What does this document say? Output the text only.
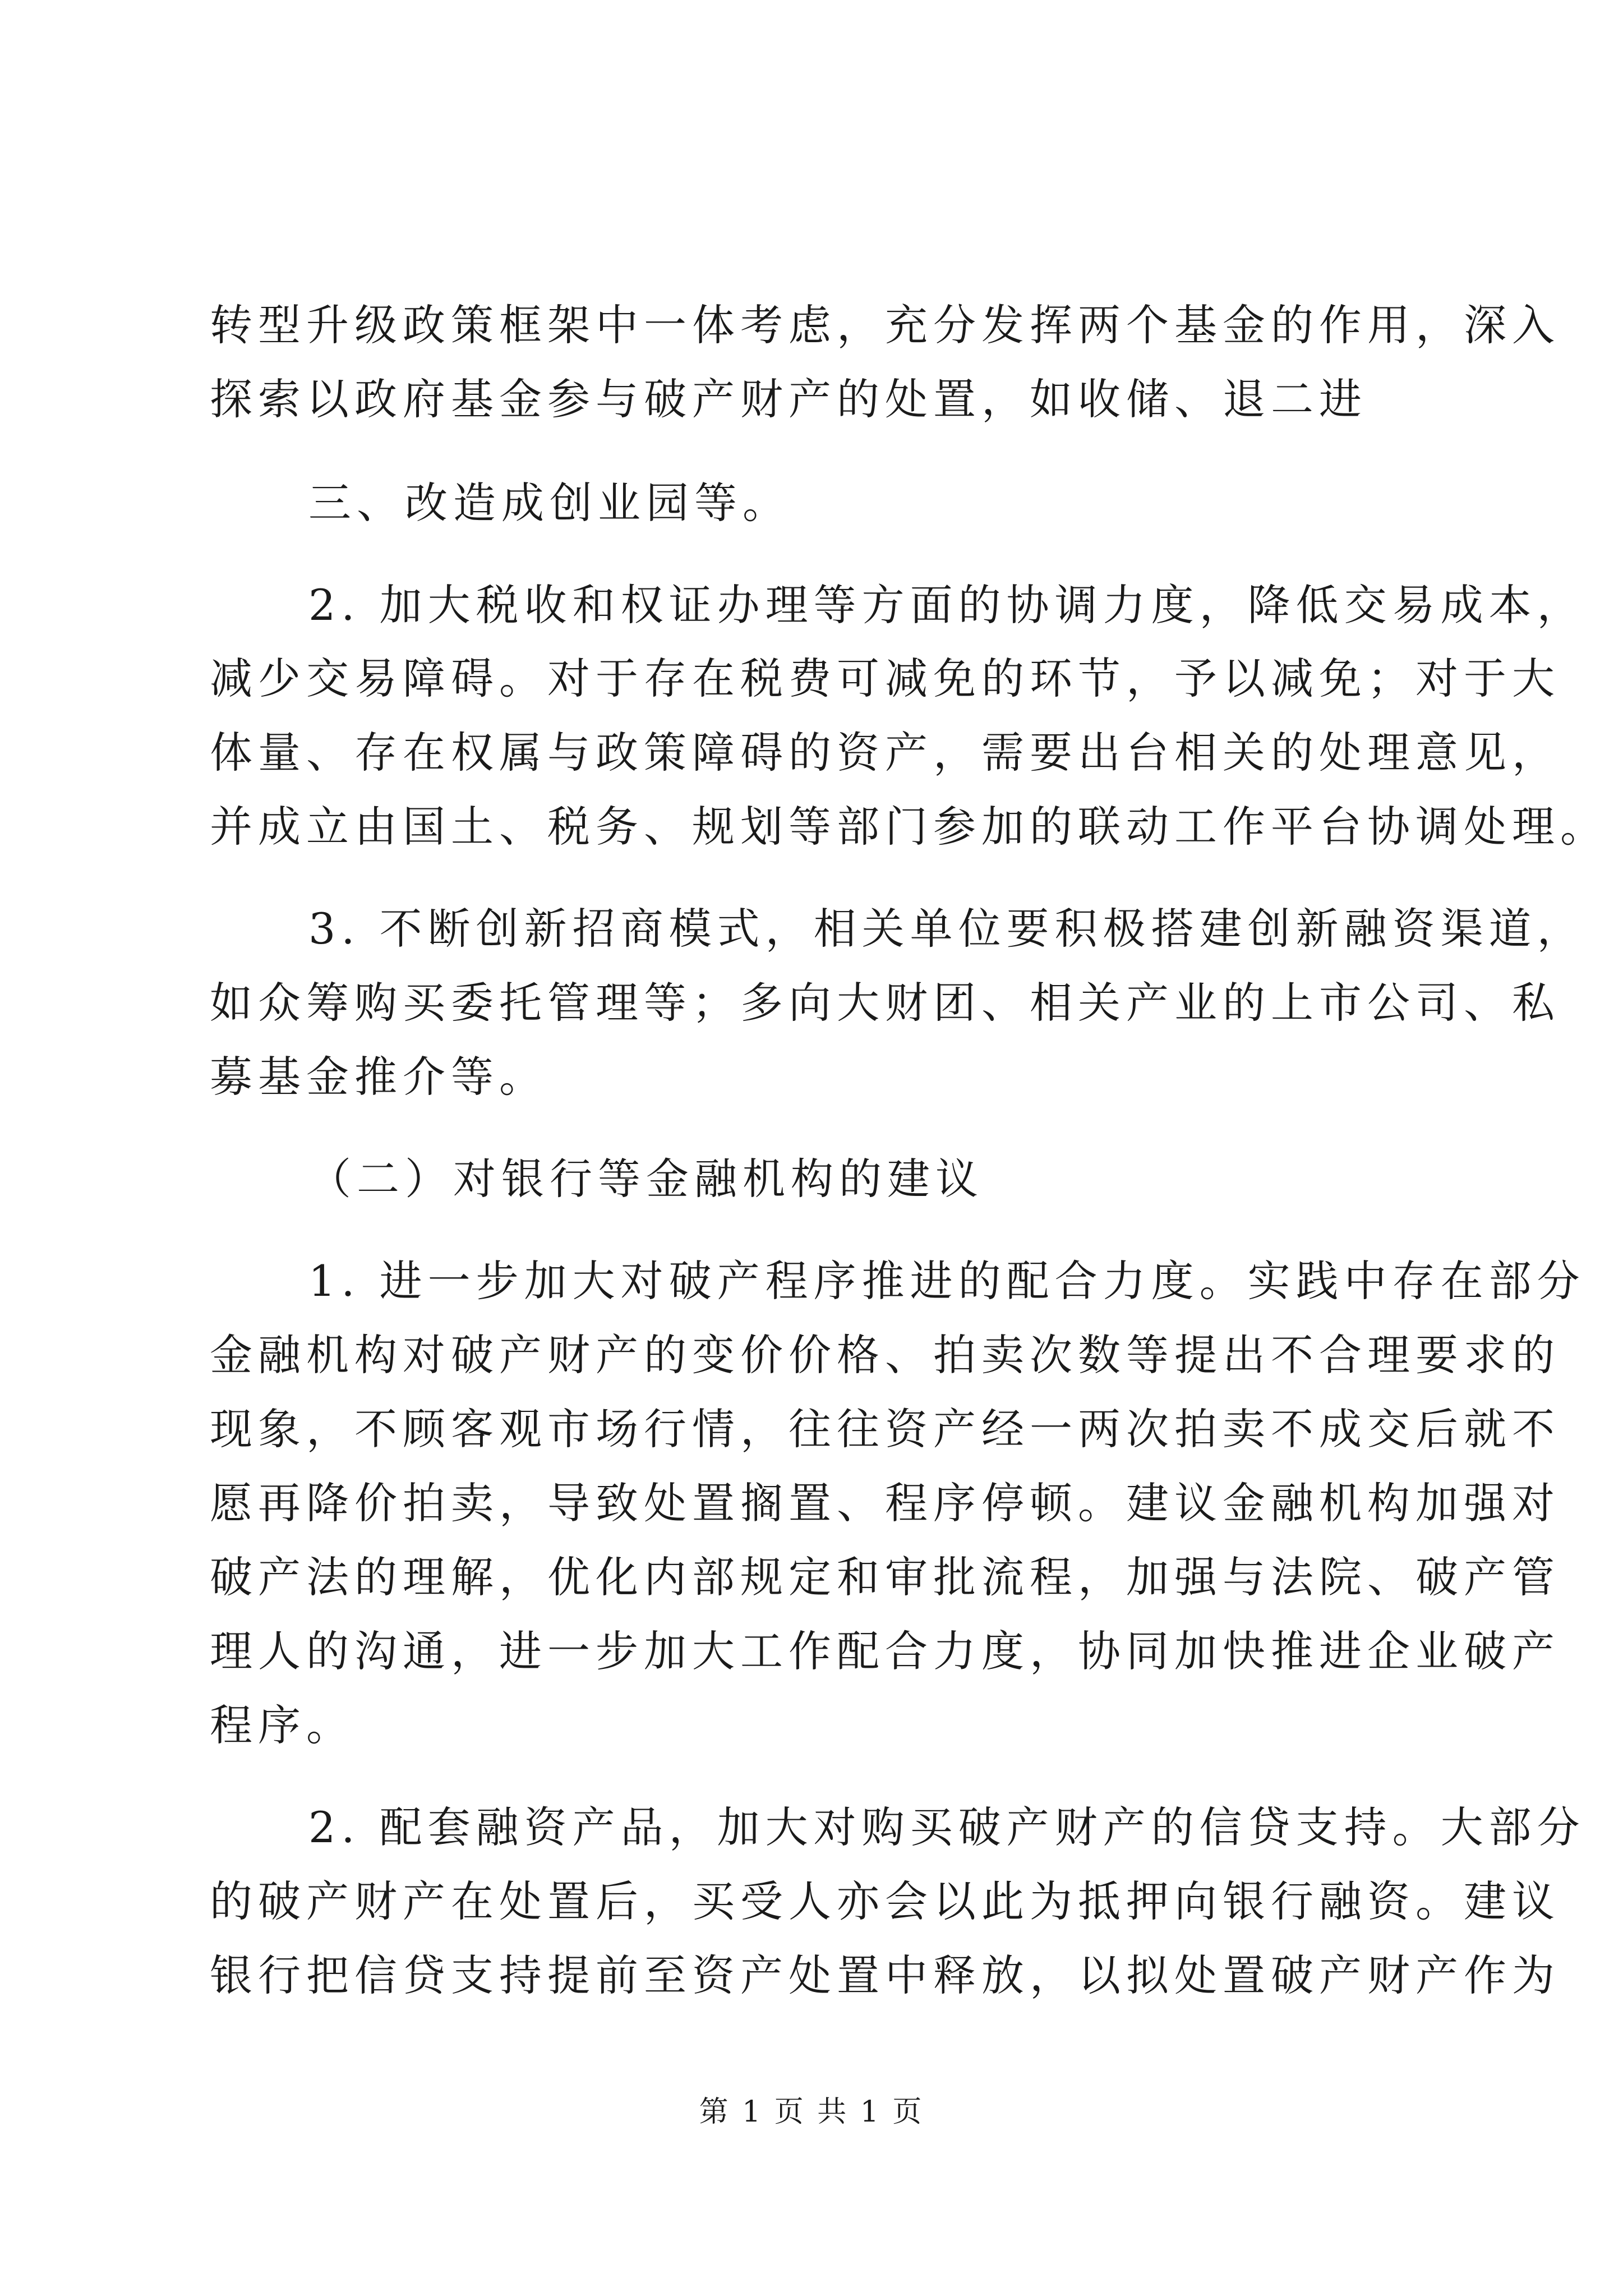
转型升级政策框架中一体考虑，充分发挥两个基金的作用，深入
探索以政府基金参与破产财产的处置，如收储、退二进
三、改造成创业园等。
2. 加大税收和权证办理等方面的协调力度，降低交易成本，
减少交易障碍。对于存在税费可减免的环节，予以减免；对于大
体量、存在权属与政策障碍的资产，需要出台相关的处理意见，
并成立由国土、税务、规划等部门参加的联动工作平台协调处理。
3. 不断创新招商模式，相关单位要积极搭建创新融资渠道，
如众筹购买委托管理等；多向大财团、相关产业的上市公司、私
募基金推介等。
（二）对银行等金融机构的建议
1. 进一步加大对破产程序推进的配合力度。实践中存在部分
金融机构对破产财产的变价价格、拍卖次数等提出不合理要求的
现象，不顾客观市场行情，往往资产经一两次拍卖不成交后就不
愿再降价拍卖，导致处置搁置、程序停顿。建议金融机构加强对
破产法的理解，优化内部规定和审批流程，加强与法院、破产管
理人的沟通，进一步加大工作配合力度，协同加快推进企业破产
程序。
2. 配套融资产品，加大对购买破产财产的信贷支持。大部分
的破产财产在处置后，买受人亦会以此为抵押向银行融资。建议
银行把信贷支持提前至资产处置中释放，以拟处置破产财产作为
第 1 页 共 1 页
